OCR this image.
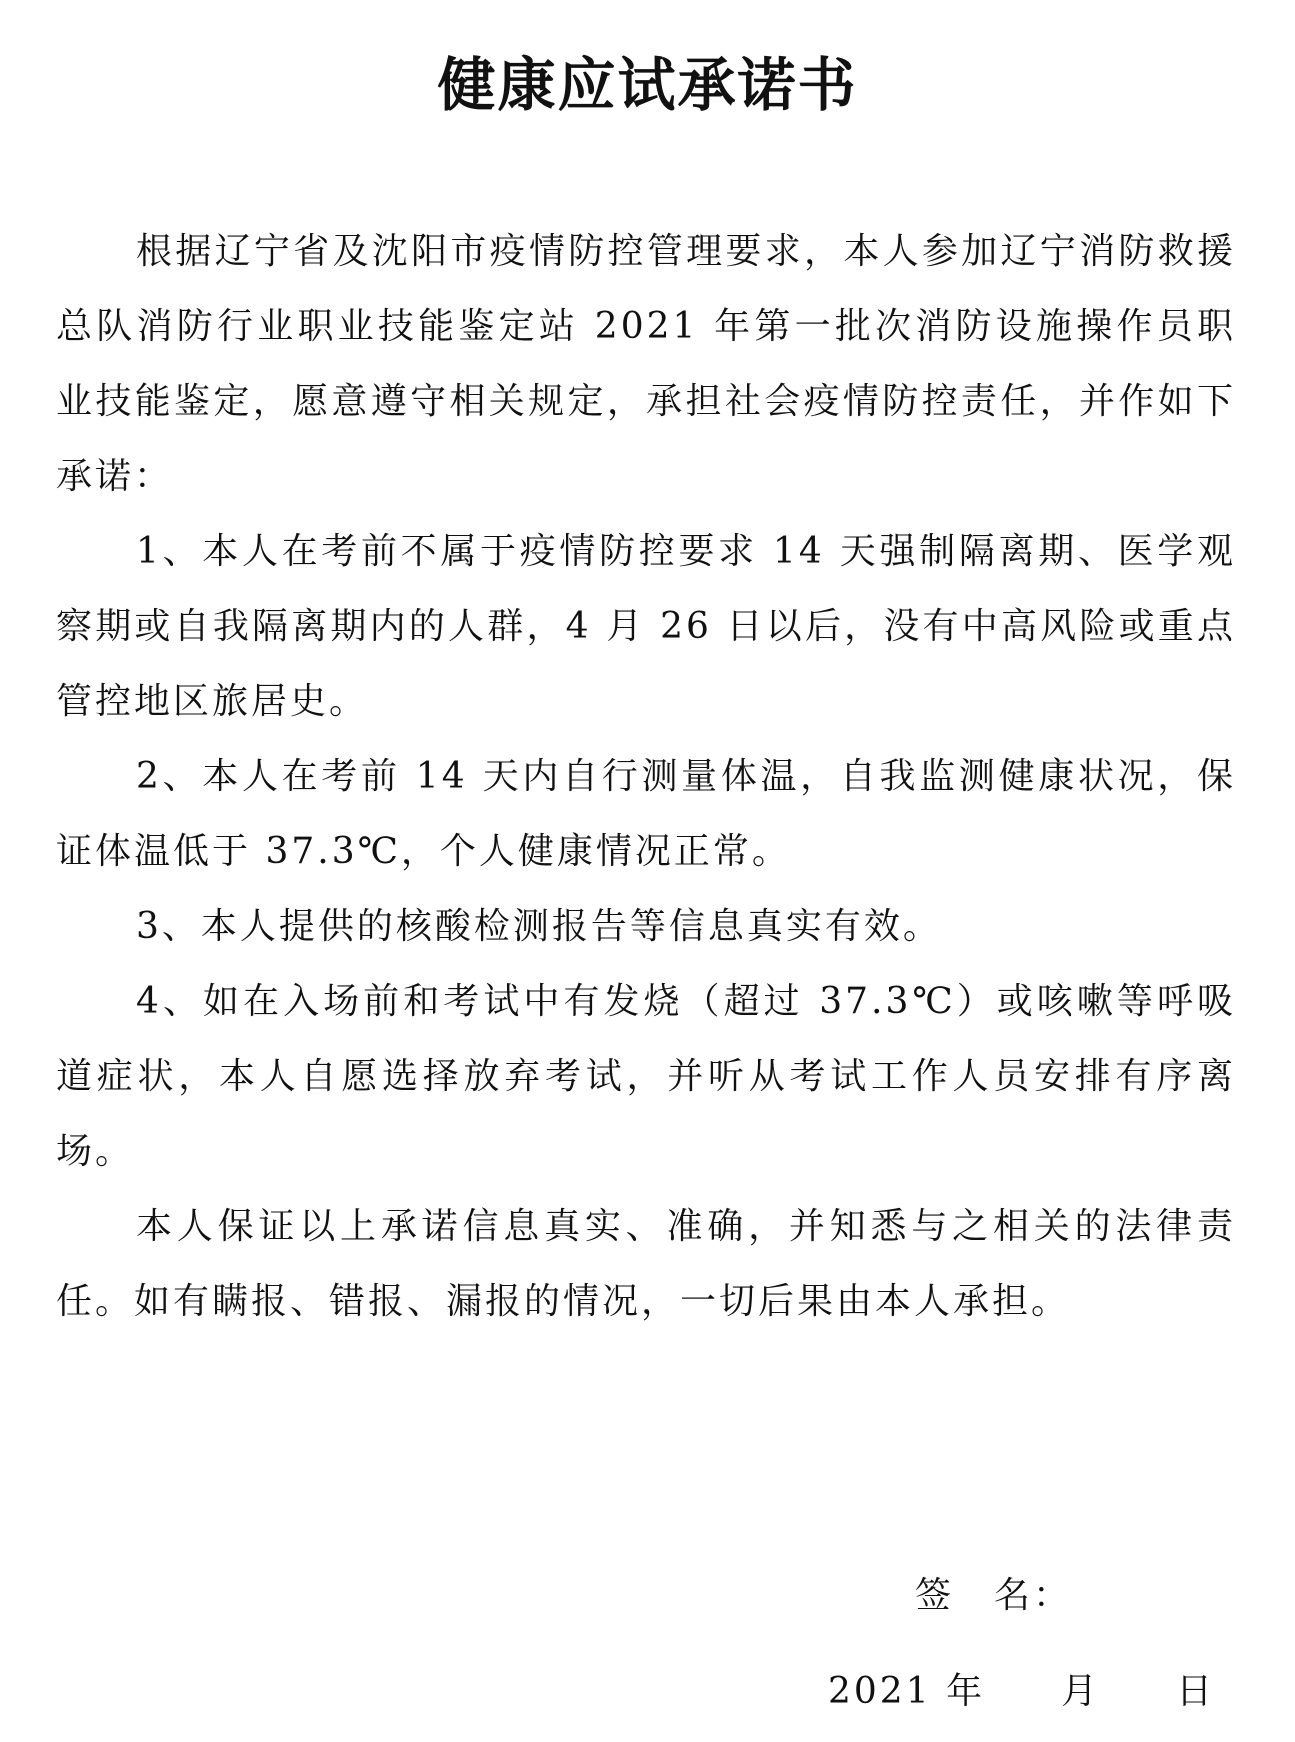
健康应试承诺书

根据辽宁省及沈阳市疫情防控管理要求，本人参加辽宁消防救援总队消防行业职业技能鉴定站 2021 年第一批次消防设施操作员职业技能鉴定，愿意遵守相关规定，承担社会疫情防控责任，并作如下承诺：

1、本人在考前不属于疫情防控要求 14 天强制隔离期、医学观察期或自我隔离期内的人群，4 月 26 日以后，没有中高风险或重点管控地区旅居史。

2、本人在考前 14 天内自行测量体温，自我监测健康状况，保证体温低于 37.3℃，个人健康情况正常。

3、本人提供的核酸检测报告等信息真实有效。

4、如在入场前和考试中有发烧（超过 37.3℃）或咳嗽等呼吸道症状，本人自愿选择放弃考试，并听从考试工作人员安排有序离场。

本人保证以上承诺信息真实、准确，并知悉与之相关的法律责任。如有瞒报、错报、漏报的情况，一切后果由本人承担。

签 名：
2021 年 月 日
